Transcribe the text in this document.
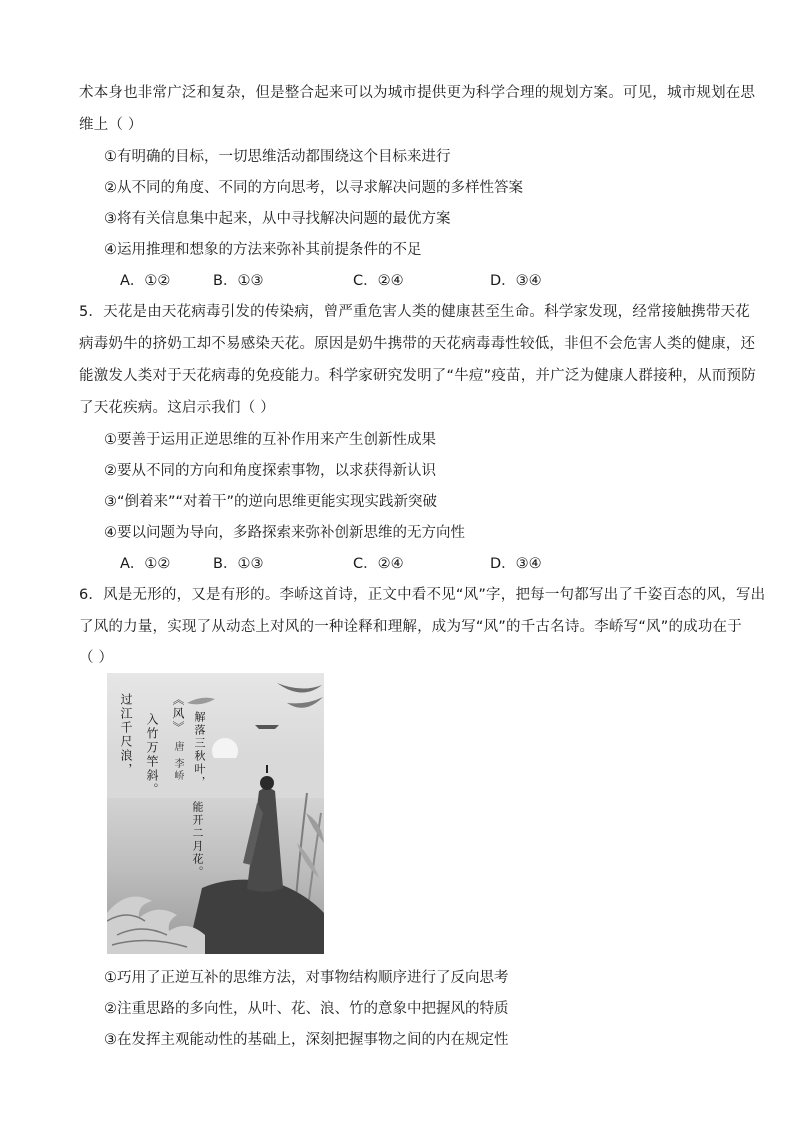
术本身也非常广泛和复杂，但是整合起来可以为城市提供更为科学合理的规划方案。可见，城市规划在思
维上（ ）
①有明确的目标，一切思维活动都围绕这个目标来进行
②从不同的角度、不同的方向思考，以寻求解决问题的多样性答案
③将有关信息集中起来，从中寻找解决问题的最优方案
④运用推理和想象的方法来弥补其前提条件的不足
A．①②	B．①③	C．②④	D．③④
5．天花是由天花病毒引发的传染病，曾严重危害人类的健康甚至生命。科学家发现，经常接触携带天花
病毒奶牛的挤奶工却不易感染天花。原因是奶牛携带的天花病毒毒性较低，非但不会危害人类的健康，还
能激发人类对于天花病毒的免疫能力。科学家研究发明了“牛痘”疫苗，并广泛为健康人群接种，从而预防
了天花疾病。这启示我们（ ）
①要善于运用正逆思维的互补作用来产生创新性成果
②要从不同的方向和角度探索事物，以求获得新认识
③“倒着来”“对着干”的逆向思维更能实现实践新突破
④要以问题为导向，多路探索来弥补创新思维的无方向性
A．①②	B．①③	C．②④	D．③④
6．风是无形的，又是有形的。李峤这首诗，正文中看不见“风”字，把每一句都写出了千姿百态的风，写出
了风的力量，实现了从动态上对风的一种诠释和理解，成为写“风”的千古名诗。李峤写“风”的成功在于
（ ）
过江千尺浪， 入竹万竿斜。 《风》 解落三秋叶，
能开二月花。
唐 李峤
①巧用了正逆互补的思维方法，对事物结构顺序进行了反向思考
②注重思路的多向性，从叶、花、浪、竹的意象中把握风的特质
③在发挥主观能动性的基础上，深刻把握事物之间的内在规定性
